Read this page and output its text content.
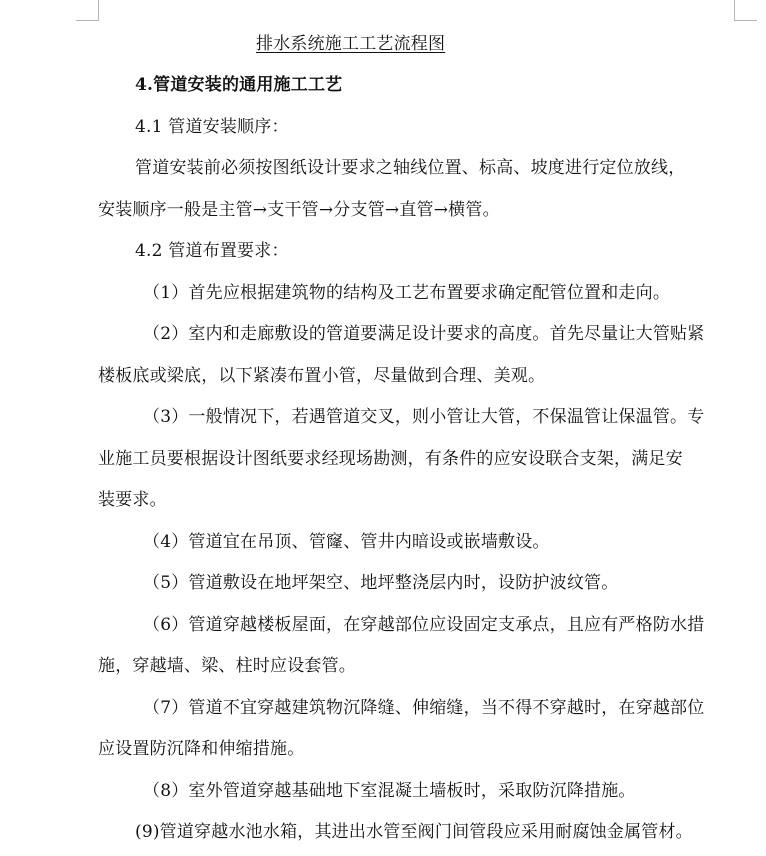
排水系统施工工艺流程图
4.管道安装的通用施工工艺
4.1 管道安装顺序：
管道安装前必须按图纸设计要求之轴线位置、标高、坡度进行定位放线，
安装顺序一般是主管→支干管→分支管→直管→横管。
4.2 管道布置要求：
（1）首先应根据建筑物的结构及工艺布置要求确定配管位置和走向。
（2）室内和走廊敷设的管道要满足设计要求的高度。首先尽量让大管贴紧
楼板底或梁底，以下紧凑布置小管，尽量做到合理、美观。
（3）一般情况下，若遇管道交叉，则小管让大管，不保温管让保温管。专
业施工员要根据设计图纸要求经现场勘测，有条件的应安设联合支架，满足安
装要求。
（4）管道宜在吊顶、管窿、管井内暗设或嵌墙敷设。
（5）管道敷设在地坪架空、地坪整浇层内时，设防护波纹管。
（6）管道穿越楼板屋面，在穿越部位应设固定支承点，且应有严格防水措
施，穿越墙、梁、柱时应设套管。
（7）管道不宜穿越建筑物沉降缝、伸缩缝，当不得不穿越时，在穿越部位
应设置防沉降和伸缩措施。
（8）室外管道穿越基础地下室混凝土墙板时，采取防沉降措施。
(9)管道穿越水池水箱，其进出水管至阀门间管段应采用耐腐蚀金属管材。
